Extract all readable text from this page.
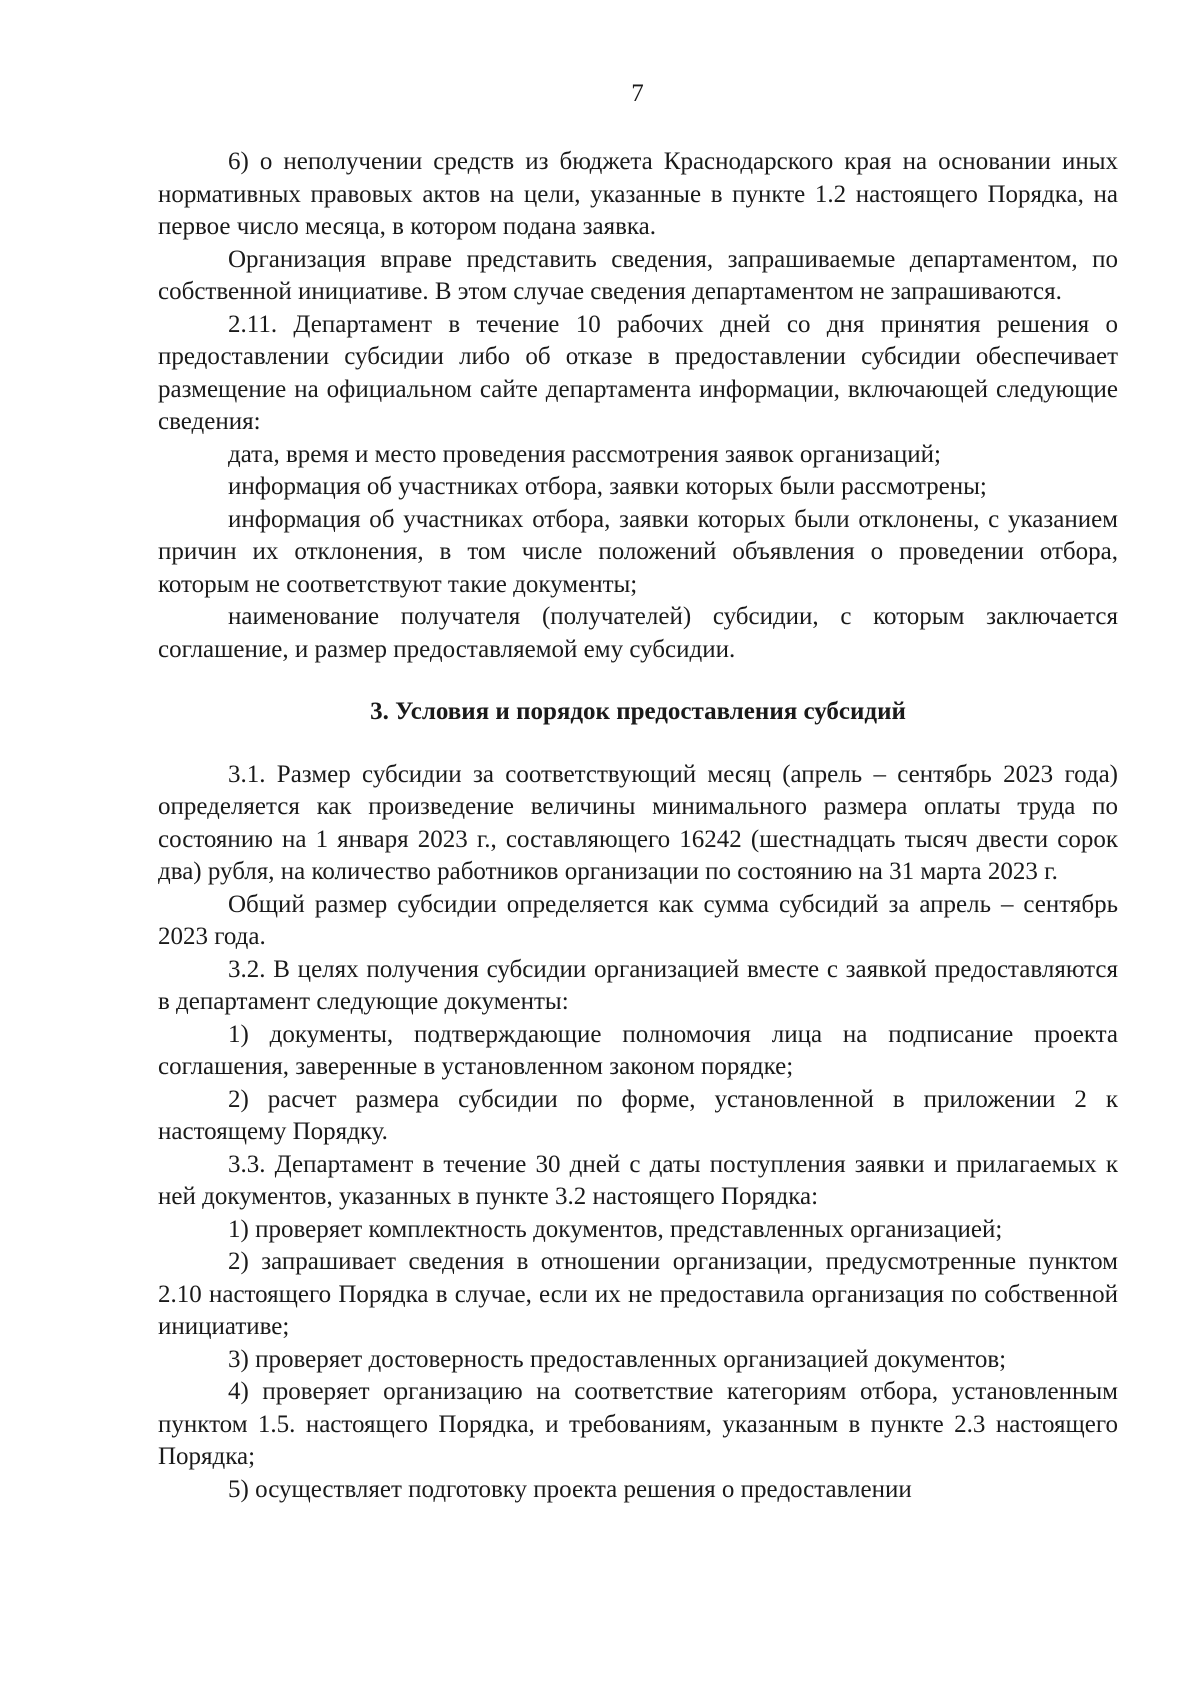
7

6) о неполучении средств из бюджета Краснодарского края на основании иных нормативных правовых актов на цели, указанные в пункте 1.2 настоящего Порядка, на первое число месяца, в котором подана заявка.

Организация вправе представить сведения, запрашиваемые департаментом, по собственной инициативе. В этом случае сведения департаментом не запрашиваются.

2.11. Департамент в течение 10 рабочих дней со дня принятия решения о предоставлении субсидии либо об отказе в предоставлении субсидии обеспечивает размещение на официальном сайте департамента информации, включающей следующие сведения:

дата, время и место проведения рассмотрения заявок организаций;

информация об участниках отбора, заявки которых были рассмотрены;

информация об участниках отбора, заявки которых были отклонены, с указанием причин их отклонения, в том числе положений объявления о проведении отбора, которым не соответствуют такие документы;

наименование получателя (получателей) субсидии, с которым заключается соглашение, и размер предоставляемой ему субсидии.

3. Условия и порядок предоставления субсидий

3.1. Размер субсидии за соответствующий месяц (апрель – сентябрь 2023 года) определяется как произведение величины минимального размера оплаты труда по состоянию на 1 января 2023 г., составляющего 16242 (шестнадцать тысяч двести сорок два) рубля, на количество работников организации по состоянию на 31 марта 2023 г.

Общий размер субсидии определяется как сумма субсидий за апрель – сентябрь 2023 года.

3.2. В целях получения субсидии организацией вместе с заявкой предоставляются в департамент следующие документы:

1) документы, подтверждающие полномочия лица на подписание проекта соглашения, заверенные в установленном законом порядке;

2) расчет размера субсидии по форме, установленной в приложении 2 к настоящему Порядку.

3.3. Департамент в течение 30 дней с даты поступления заявки и прилагаемых к ней документов, указанных в пункте 3.2 настоящего Порядка:

1) проверяет комплектность документов, представленных организацией;

2) запрашивает сведения в отношении организации, предусмотренные пунктом 2.10 настоящего Порядка в случае, если их не предоставила организация по собственной инициативе;

3) проверяет достоверность предоставленных организацией документов;

4) проверяет организацию на соответствие категориям отбора, установленным пунктом 1.5. настоящего Порядка, и требованиям, указанным в пункте 2.3 настоящего Порядка;

5) осуществляет подготовку проекта решения о предоставлении
